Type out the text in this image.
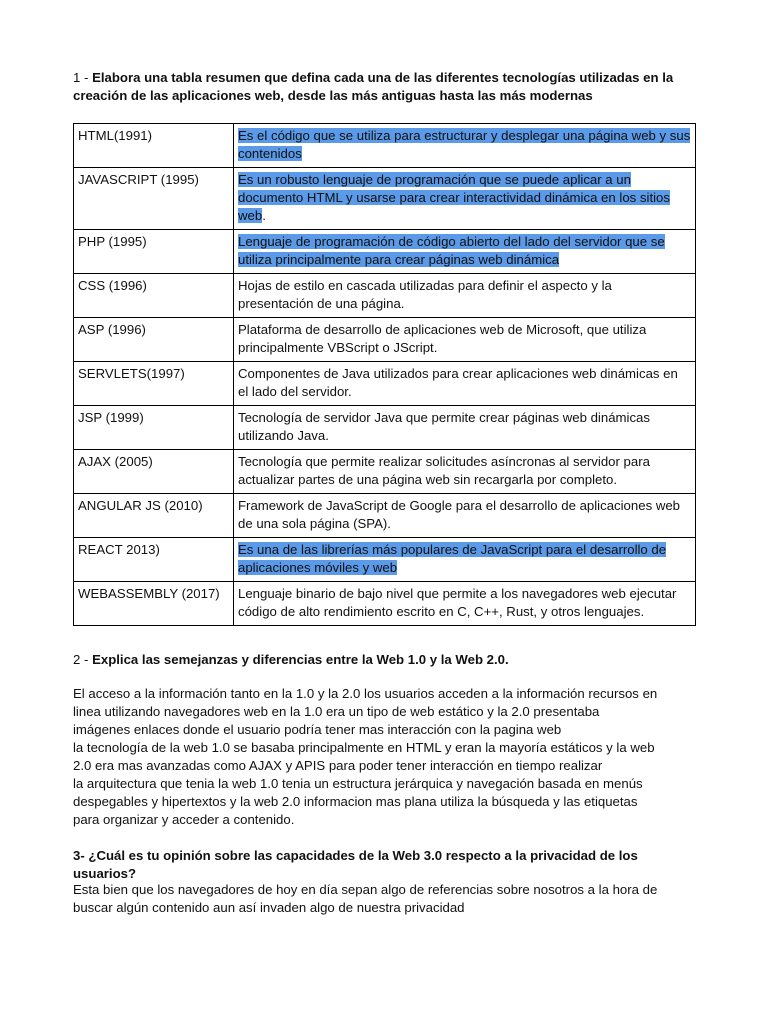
1 - Elabora una tabla resumen que defina cada una de las diferentes tecnologías utilizadas en la creación de las aplicaciones web, desde las más antiguas hasta las más modernas
HTML(1991)	Es el código que se utiliza para estructurar y desplegar una página web y sus contenidos
JAVASCRIPT (1995)	Es un robusto lenguaje de programación que se puede aplicar a un documento HTML y usarse para crear interactividad dinámica en los sitios web.
PHP (1995)	Lenguaje de programación de código abierto del lado del servidor que se utiliza principalmente para crear páginas web dinámica
CSS (1996)	Hojas de estilo en cascada utilizadas para definir el aspecto y la presentación de una página.
ASP (1996)	Plataforma de desarrollo de aplicaciones web de Microsoft, que utiliza principalmente VBScript o JScript.
SERVLETS(1997)	Componentes de Java utilizados para crear aplicaciones web dinámicas en el lado del servidor.
JSP (1999)	Tecnología de servidor Java que permite crear páginas web dinámicas utilizando Java.
AJAX (2005)	Tecnología que permite realizar solicitudes asíncronas al servidor para actualizar partes de una página web sin recargarla por completo.
ANGULAR JS (2010)	Framework de JavaScript de Google para el desarrollo de aplicaciones web de una sola página (SPA).
REACT 2013)	Es una de las librerías más populares de JavaScript para el desarrollo de aplicaciones móviles y web
WEBASSEMBLY (2017)	Lenguaje binario de bajo nivel que permite a los navegadores web ejecutar código de alto rendimiento escrito en C, C++, Rust, y otros lenguajes.
2 - Explica las semejanzas y diferencias entre la Web 1.0 y la Web 2.0.
El acceso a la información tanto en la 1.0 y la 2.0 los usuarios acceden a la información recursos en
linea utilizando navegadores web en la 1.0 era un tipo de web estático y la 2.0 presentaba
imágenes enlaces donde el usuario podría tener mas interacción con la pagina web
la tecnología de la web 1.0 se basaba principalmente en HTML y eran la mayoría estáticos y la web
2.0 era mas avanzadas como AJAX y APIS para poder tener interacción en tiempo realizar
la arquitectura que tenia la web 1.0 tenia un estructura jerárquica y navegación basada en menús
despegables y hipertextos y la web 2.0 informacion mas plana utiliza la búsqueda y las etiquetas
para organizar y acceder a contenido.
3- ¿Cuál es tu opinión sobre las capacidades de la Web 3.0 respecto a la privacidad de los usuarios?
Esta bien que los navegadores de hoy en día sepan algo de referencias sobre nosotros a la hora de
buscar algún contenido aun así invaden algo de nuestra privacidad
